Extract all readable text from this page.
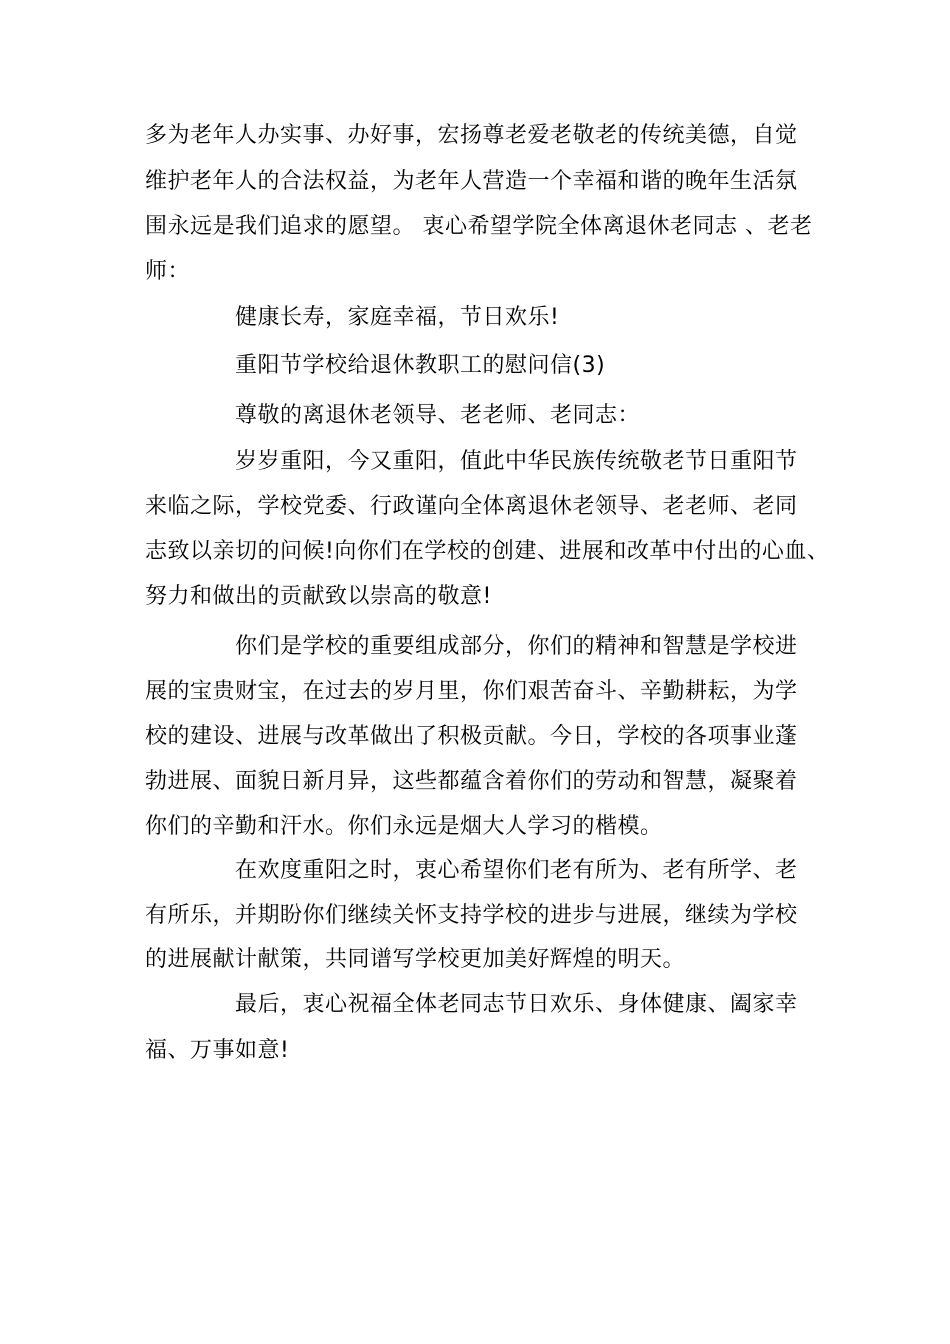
多为老年人办实事、办好事，宏扬尊老爱老敬老的传统美德，自觉
维护老年人的合法权益，为老年人营造一个幸福和谐的晚年生活氛
围永远是我们追求的愿望。 衷心希望学院全体离退休老同志 、老老
师：
健康长寿，家庭幸福，节日欢乐!
重阳节学校给退休教职工的慰问信(3)
尊敬的离退休老领导、老老师、老同志：
岁岁重阳，今又重阳，值此中华民族传统敬老节日重阳节
来临之际，学校党委、行政谨向全体离退休老领导、老老师、老同
志致以亲切的问候!向你们在学校的创建、进展和改革中付出的心血、
努力和做出的贡献致以崇高的敬意!
你们是学校的重要组成部分，你们的精神和智慧是学校进
展的宝贵财宝，在过去的岁月里，你们艰苦奋斗、辛勤耕耘，为学
校的建设、进展与改革做出了积极贡献。今日，学校的各项事业蓬
勃进展、面貌日新月异，这些都蕴含着你们的劳动和智慧，凝聚着
你们的辛勤和汗水。你们永远是烟大人学习的楷模。
在欢度重阳之时，衷心希望你们老有所为、老有所学、老
有所乐，并期盼你们继续关怀支持学校的进步与进展，继续为学校
的进展献计献策，共同谱写学校更加美好辉煌的明天。
最后，衷心祝福全体老同志节日欢乐、身体健康、阖家幸
福、万事如意!
